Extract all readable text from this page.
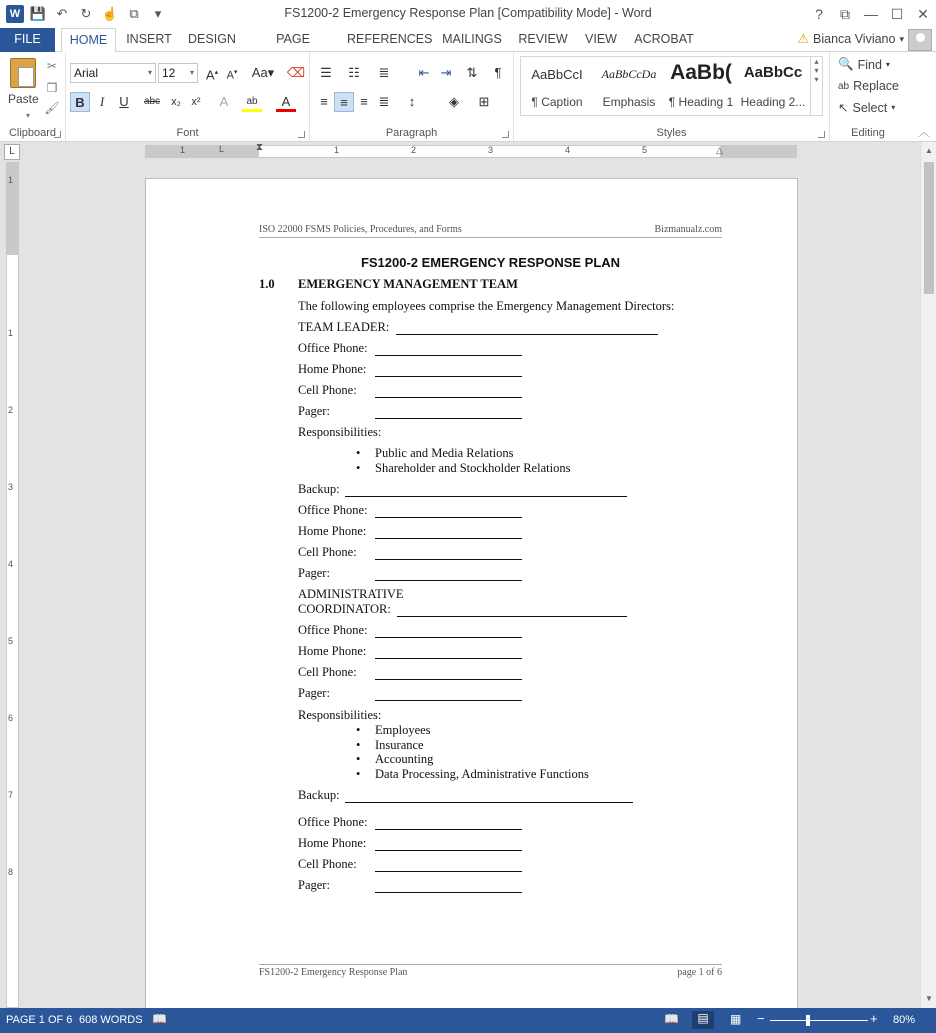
W 💾 ↶	↻ ☝ ⧉	▾	FS1200-2 Emergency Response Plan [Compatibility Mode] - Word	?	⧉	— ☐ ✕
FILE	HOME	INSERT	DESIGN	PAGE	REFERENCES MAILINGS REVIEW	VIEW	ACROBAT	⚠ Bianca Viviano ▾
Paste
▾
✂
❐
🖌
Clipboard
Arial	▾ 12 ▾ A▴ A▾	Aa▾ ⌫
B	I	U	abc	x₂ x²	A	ab	A
Font
☰	☷	≣	⇤ ⇥	⇅	¶
≡ ≡ ≡ ≣	↕	◈	⊞
Paragraph	Styles
AaBbCcI
¶ Caption
AaBbCcDa
Emphasis
AaBb(
¶ Heading 1
AaBbCc
Heading 2...
▴
▾
▾
Editing
🔍 Find ▾
ab Replace
↖ Select ▾
︿
L	1	1	2	3	4	5
L	⧗	△
1
1
2
3
4
5
6
7
8
▲
▼
ISO 22000 FSMS Policies, Procedures, and Forms	Bizmanualz.com
FS1200-2 EMERGENCY RESPONSE PLAN
1.0 EMERGENCY MANAGEMENT TEAM
The following employees comprise the Emergency Management Directors:
TEAM LEADER:
Office Phone:
Home Phone:
Cell Phone:
Pager:
Responsibilities:
• Public and Media Relations
• Shareholder and Stockholder Relations
Backup:
Office Phone:
Home Phone:
Cell Phone:
Pager:
ADMINISTRATIVE
COORDINATOR:
Office Phone:
Home Phone:
Cell Phone:
Pager:
Responsibilities:
• Employees
• Insurance
• Accounting
• Data Processing, Administrative Functions
Backup:
Office Phone:
Home Phone:
Cell Phone:
Pager:
FS1200-2 Emergency Response Plan	page 1 of 6
PAGE 1 OF 6 608 WORDS 📖	📖	▤	▦ −	+ 80%
